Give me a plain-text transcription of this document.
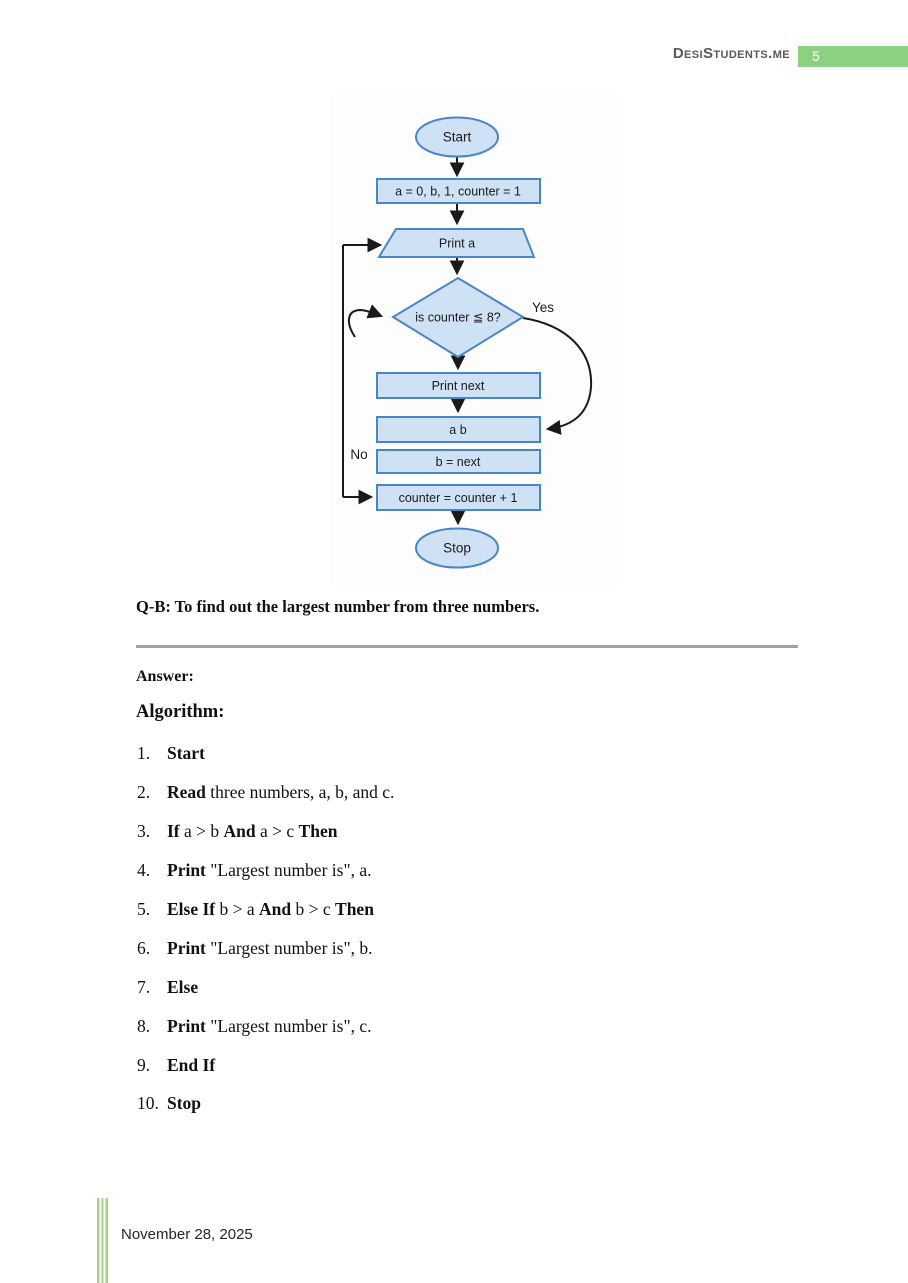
DesiStudents.me	5
Start
a = 0, b, 1, counter = 1
Print a
is counter ≦ 8?
Print next
a b
b = next
counter = counter + 1
Stop
Yes
No
Q-B: To find out the largest number from three numbers.
Answer:
Algorithm:
1. Start
2. Read three numbers, a, b, and c.
3. If a > b And a > c Then
4. Print "Largest number is", a.
5. Else If b > a And b > c Then
6. Print "Largest number is", b.
7. Else
8. Print "Largest number is", c.
9. End If
10. Stop
November 28, 2025
